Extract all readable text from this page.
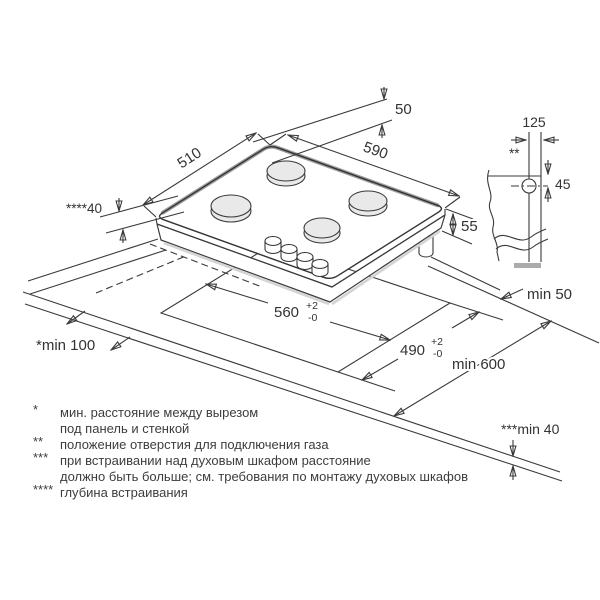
560 +2
-0
490 +2
-0
min 600
min 50
***min 40
*min 100
55
510	590
50
****40
125
**
45
* мин. расстояние между вырезом
под панель и стенкой
** положение отверстия для подключения газа
*** при встраивании над духовым шкафом расстояние
должно быть больше; см. требования по монтажу духовых шкафов
**** глубина встраивания
